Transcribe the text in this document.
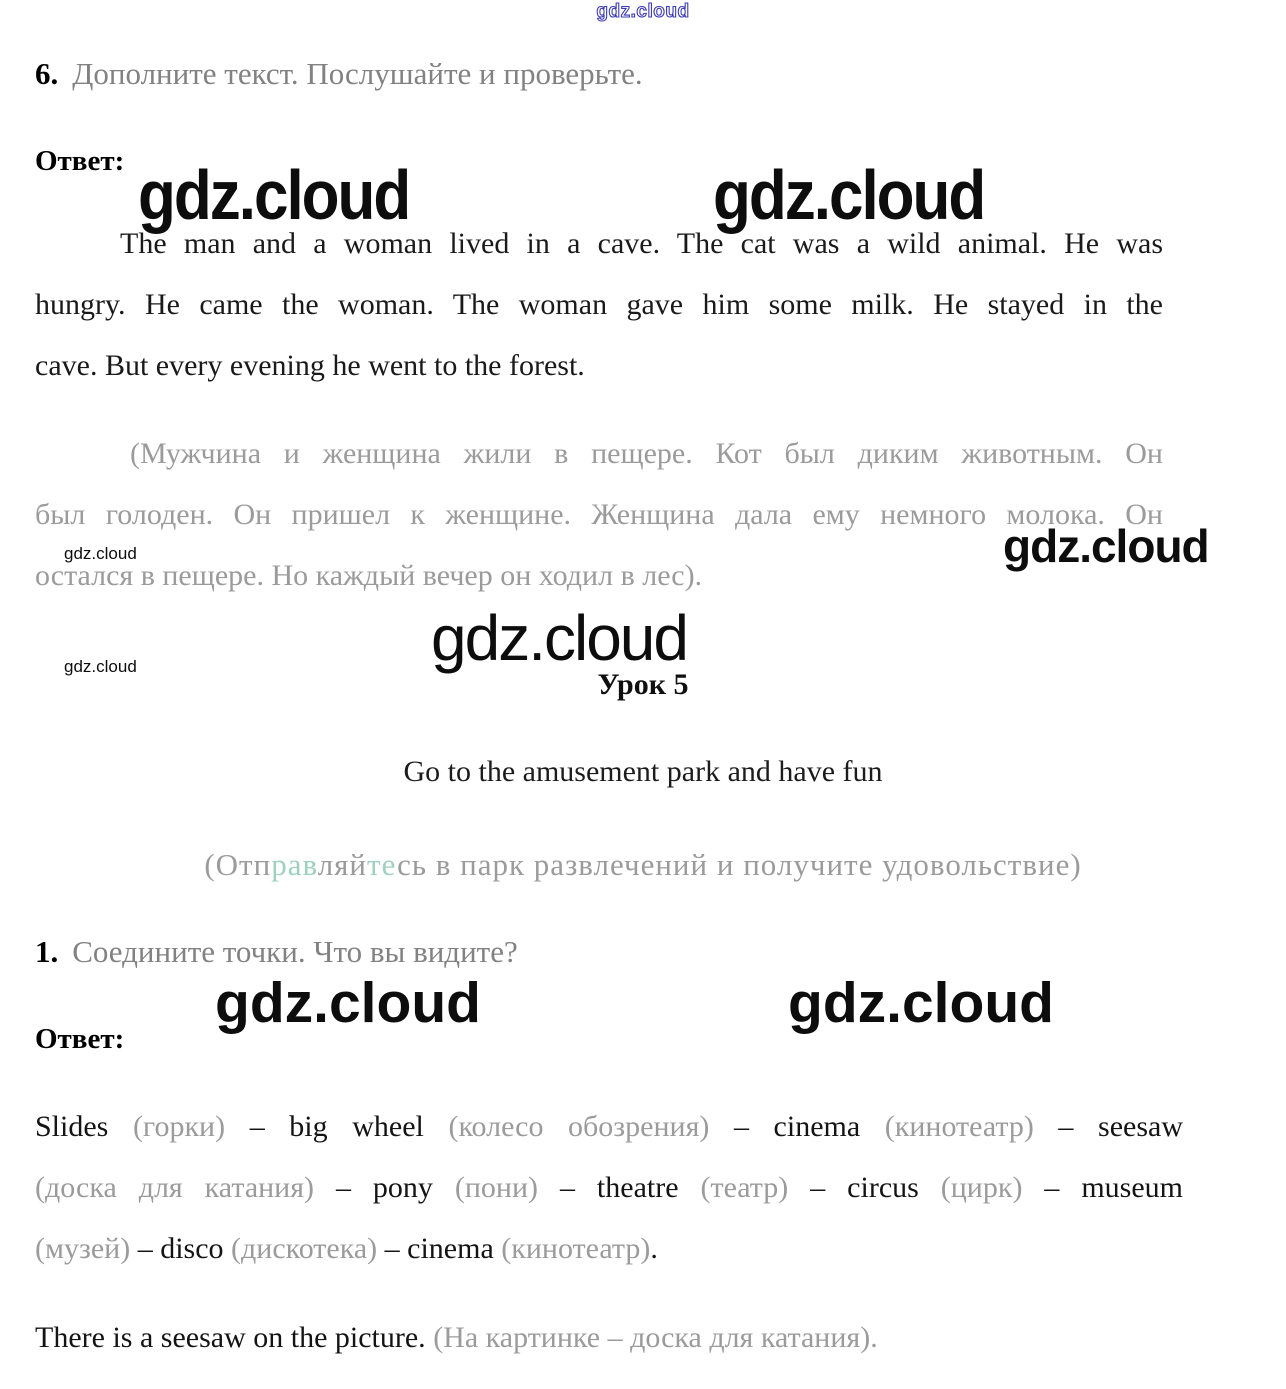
gdz.cloud
gdz.cloud	gdz.cloud
gdz.cloud	gdz.cloud
gdz.cloud	gdz.cloud
gdz.cloud	gdz.cloud
6. Дополните текст. Послушайте и проверьте.
Ответ:
The man and a woman lived in a cave. The cat was a wild animal. He was
hungry. He came the woman. The woman gave him some milk. He stayed in the
cave. But every evening he went to the forest.
(Мужчина и женщина жили в пещере. Кот был диким животным. Он
был голоден. Он пришел к женщине. Женщина дала ему немного молока. Он
остался в пещере. Но каждый вечер он ходил в лес).
Урок 5
Go to the amusement park and have fun
(Отправляйтесь в парк развлечений и получите удовольствие)
1. Соедините точки. Что вы видите?
Ответ:
Slides (горки) – big wheel (колесо обозрения) – cinema (кинотеатр) – seesaw
(доска для катания) – pony (пони) – theatre (театр) – circus (цирк) – museum
(музей) – disco (дискотека) – cinema (кинотеатр).
There is a seesaw on the picture. (На картинке – доска для катания).
